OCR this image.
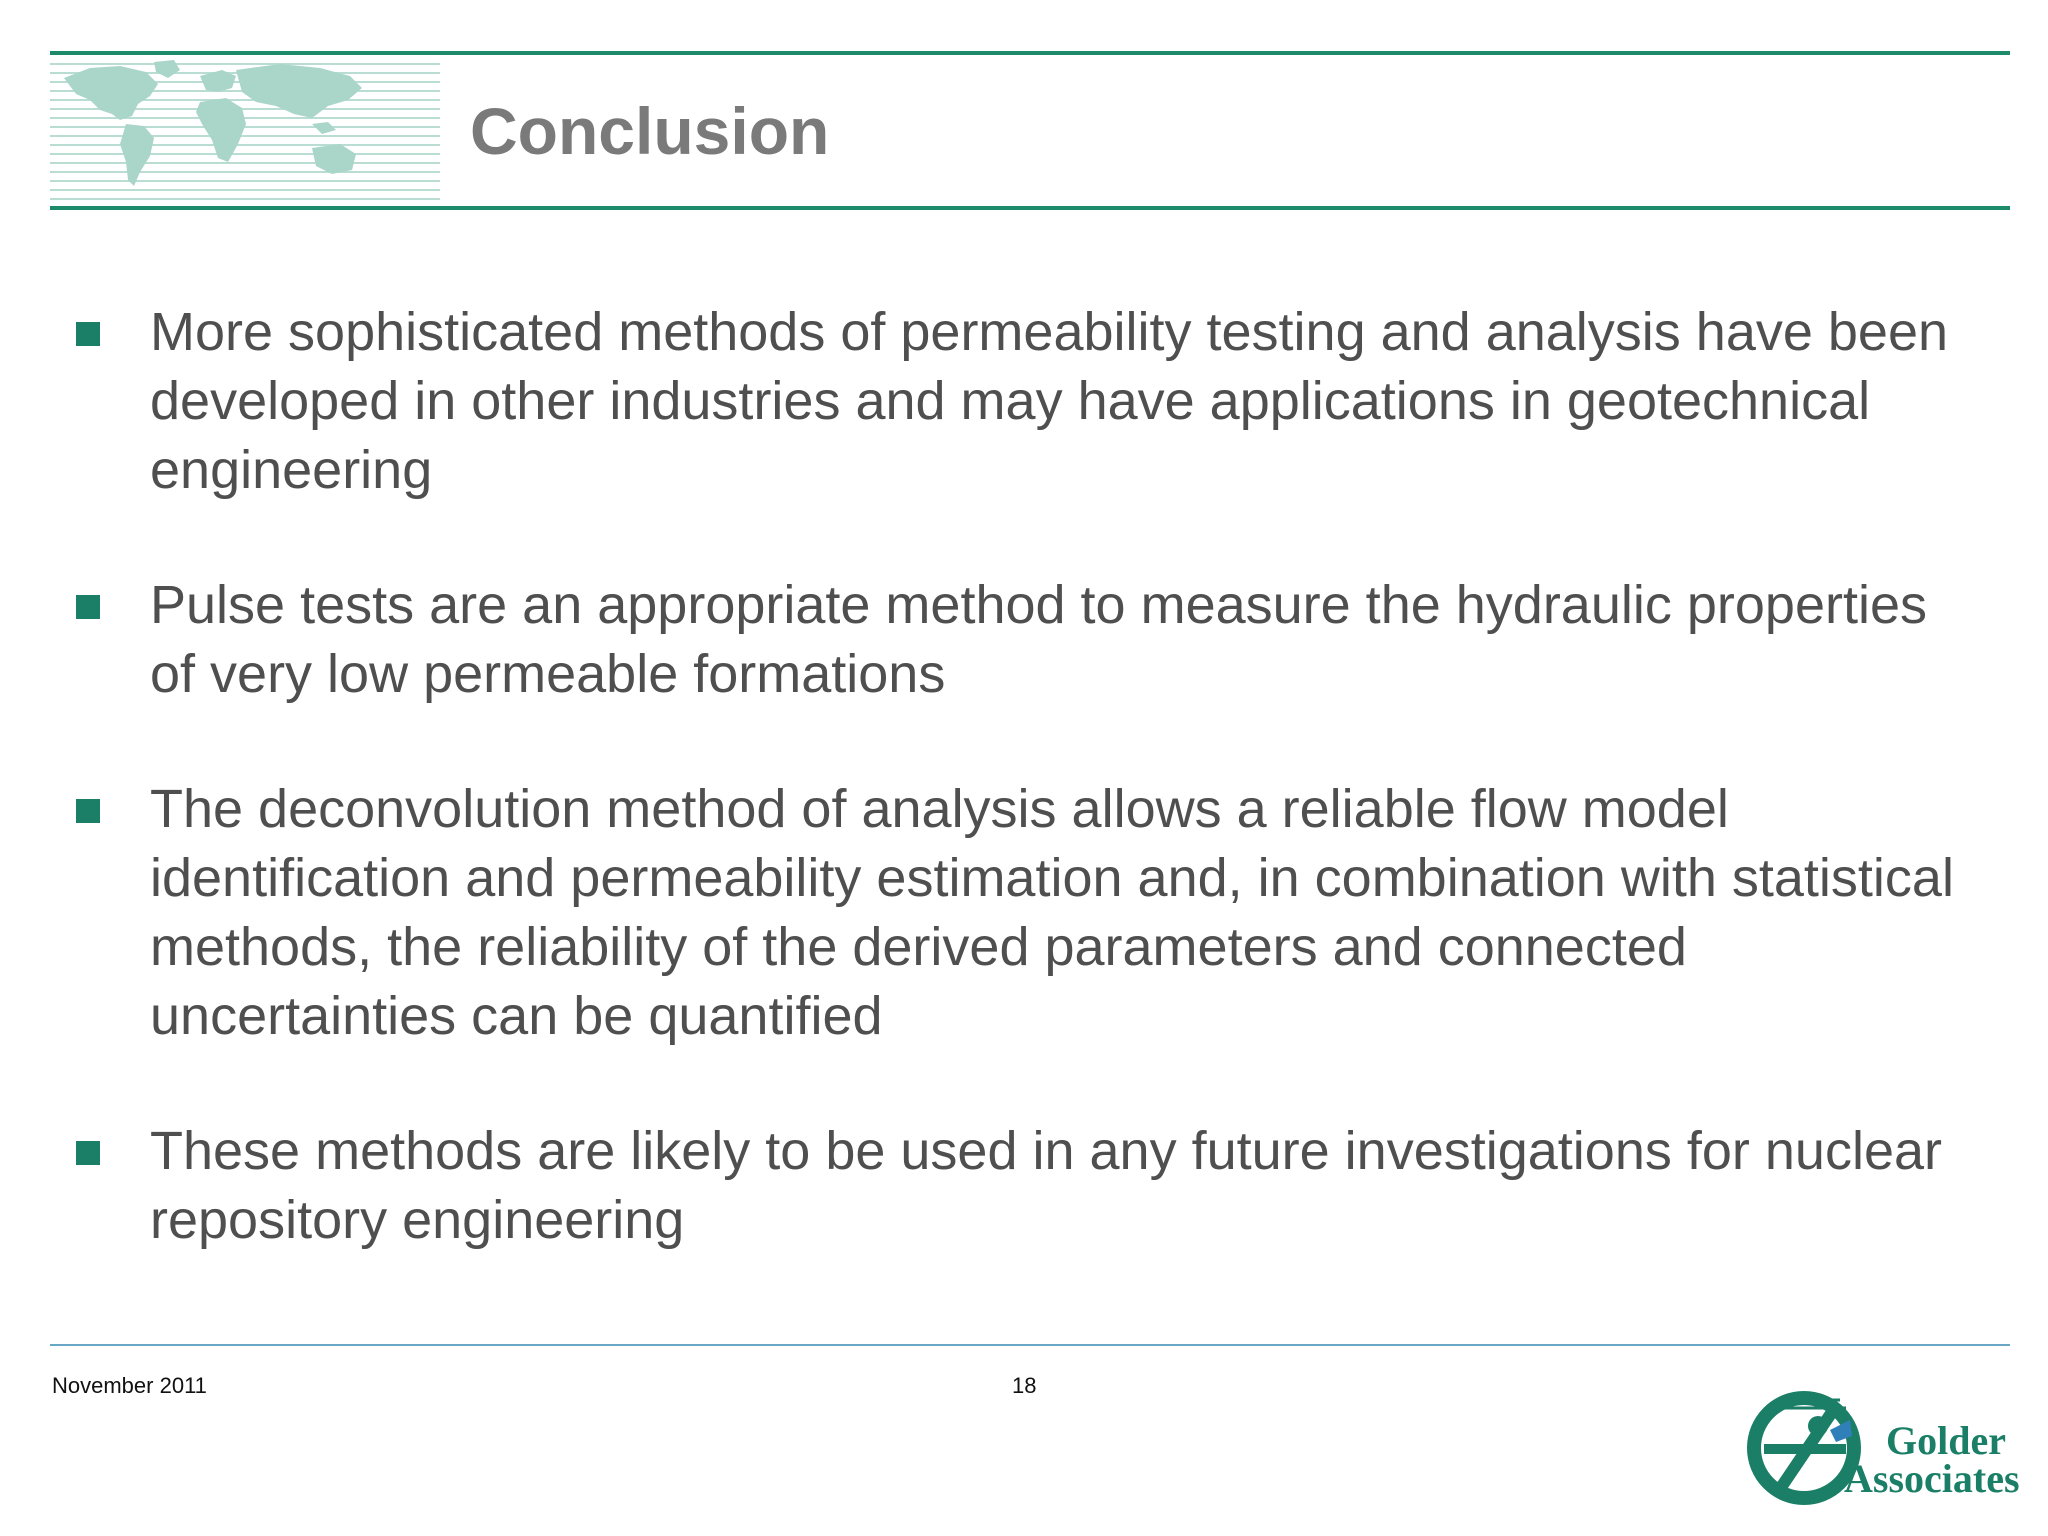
Conclusion
More sophisticated methods of permeability testing and analysis have been developed in other industries and may have applications in geotechnical engineering
Pulse tests are an appropriate method to measure the hydraulic properties of very low permeable formations
The deconvolution method of analysis allows a reliable flow model identification and permeability estimation and, in combination with statistical methods, the reliability of the derived parameters and connected uncertainties can be quantified
These methods are likely to be used in any future investigations for nuclear repository engineering
November 2011	18
Golder
Associates
